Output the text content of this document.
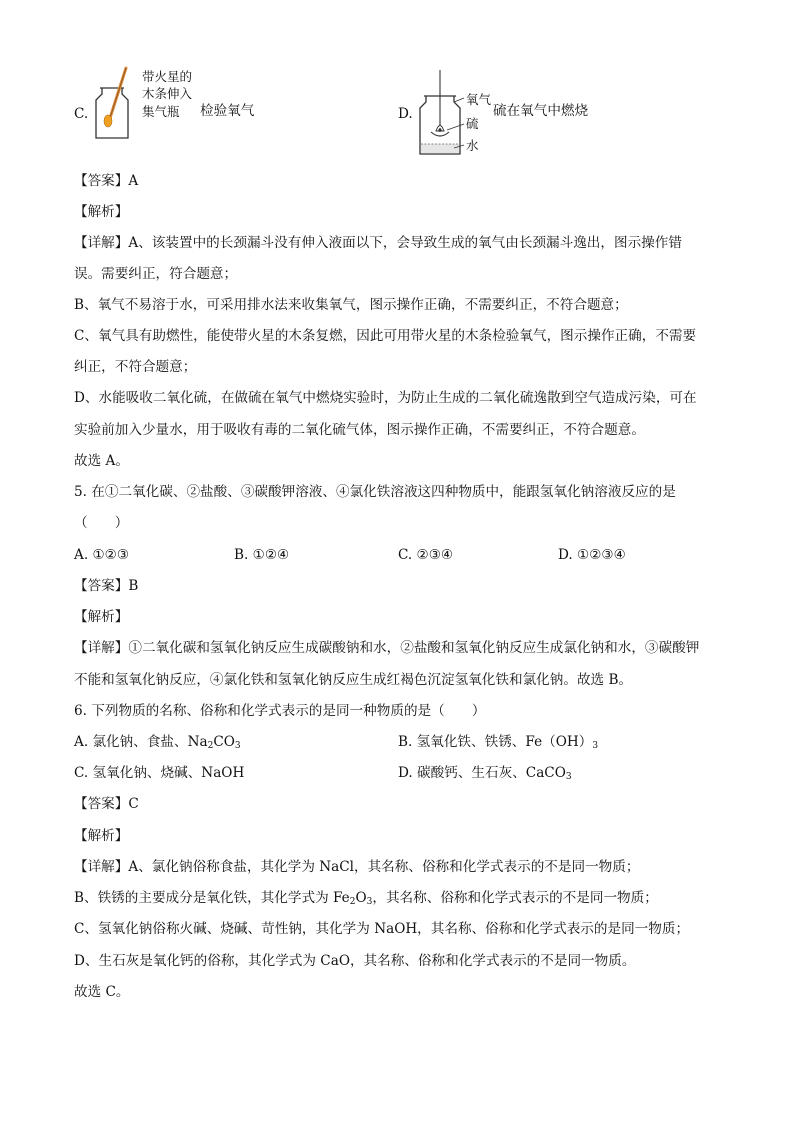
C.
带火星的
木条伸入
集气瓶 检验氧气	D.
氧气
硫
水
硫在氧气中燃烧
【答案】A
【解析】
【详解】A、该装置中的长颈漏斗没有伸入液面以下，会导致生成的氧气由长颈漏斗逸出，图示操作错
误。需要纠正，符合题意；
B、氧气不易溶于水，可采用排水法来收集氧气，图示操作正确，不需要纠正，不符合题意；
C、氧气具有助燃性，能使带火星的木条复燃，因此可用带火星的木条检验氧气，图示操作正确，不需要
纠正，不符合题意；
D、水能吸收二氧化硫，在做硫在氧气中燃烧实验时，为防止生成的二氧化硫逸散到空气造成污染，可在
实验前加入少量水，用于吸收有毒的二氧化硫气体，图示操作正确，不需要纠正，不符合题意。
故选 A。
5. 在①二氧化碳、②盐酸、③碳酸钾溶液、④氯化铁溶液这四种物质中，能跟氢氧化钠溶液反应的是
（　　）
A. ①②③	B. ①②④	C. ②③④	D. ①②③④
【答案】B
【解析】
【详解】①二氧化碳和氢氧化钠反应生成碳酸钠和水，②盐酸和氢氧化钠反应生成氯化钠和水，③碳酸钾
不能和氢氧化钠反应，④氯化铁和氢氧化钠反应生成红褐色沉淀氢氧化铁和氯化钠。故选 B。
6. 下列物质的名称、俗称和化学式表示的是同一种物质的是（　　）
A. 氯化钠、食盐、$Na_2CO_3$	B. 氢氧化铁、铁锈、$Fe(OH)_3$
C. 氢氧化钠、烧碱、NaOH	D. 碳酸钙、生石灰、CaCO$_3$
【答案】C
【解析】
【详解】A、氯化钠俗称食盐，其化学为 NaCl，其名称、俗称和化学式表示的不是同一物质；
B、铁锈的主要成分是氧化铁，其化学式为 $Fe_2O_3$，其名称、俗称和化学式表示的不是同一物质；
C、氢氧化钠俗称火碱、烧碱、苛性钠，其化学为 NaOH，其名称、俗称和化学式表示的是同一物质；
D、生石灰是氧化钙的俗称，其化学式为 CaO，其名称、俗称和化学式表示的不是同一物质。
故选 C。
